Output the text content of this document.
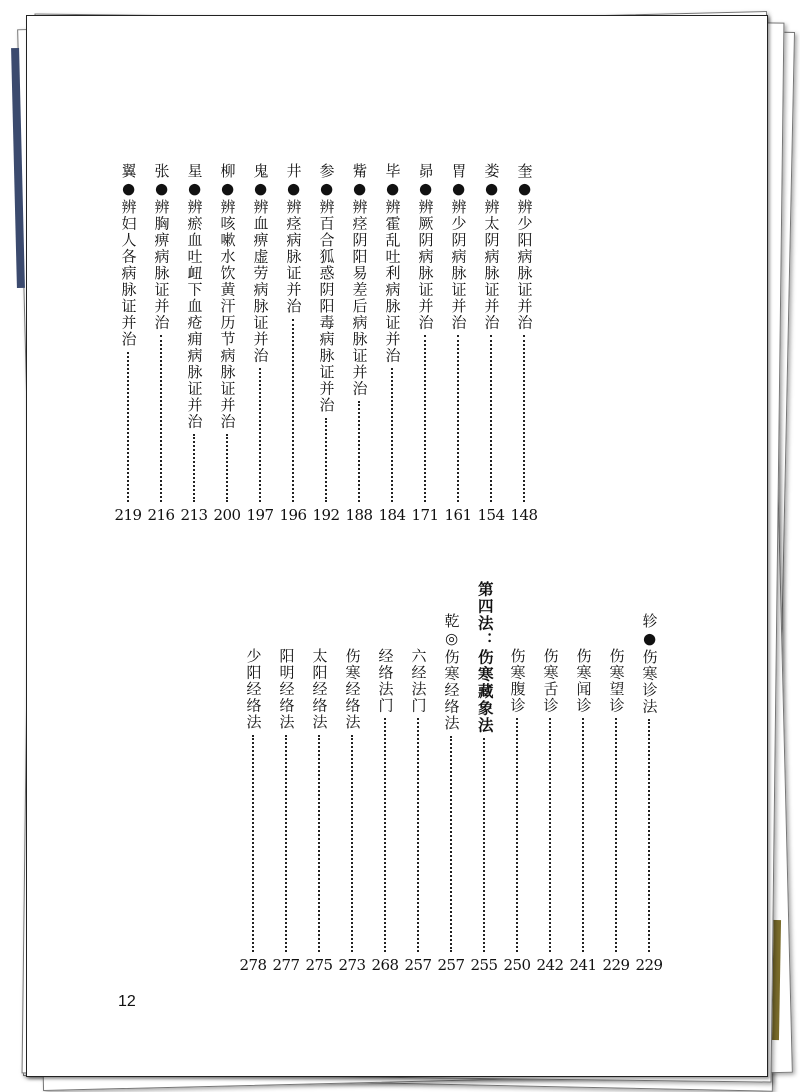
奎●辨少阳病脉证并治
148
娄●辨太阴病脉证并治
154
胃●辨少阴病脉证并治
161
昴●辨厥阴病脉证并治
171
毕●辨霍乱吐利病脉证并治
184
觜●辨痉阴阳易差后病脉证并治
188
参●辨百合狐惑阴阳毒病脉证并治
192
井●辨痉病脉证并治
196
鬼●辨血痹虚劳病脉证并治
197
柳●辨咳嗽水饮黄汗历节病脉证并治
200
星●辨瘀血吐衄下血疮痈病脉证并治
213
张●辨胸痹病脉证并治
216
翼●辨妇人各病脉证并治
219
轸●伤寒诊法
229
伤寒望诊
229
伤寒闻诊
241
伤寒舌诊
242
伤寒腹诊
250
第四法：伤寒藏象法
255
乾◎伤寒经络法
257
六经法门
257
经络法门
268
伤寒经络法
273
太阳经络法
275
阳明经络法
277
少阳经络法
278
12
